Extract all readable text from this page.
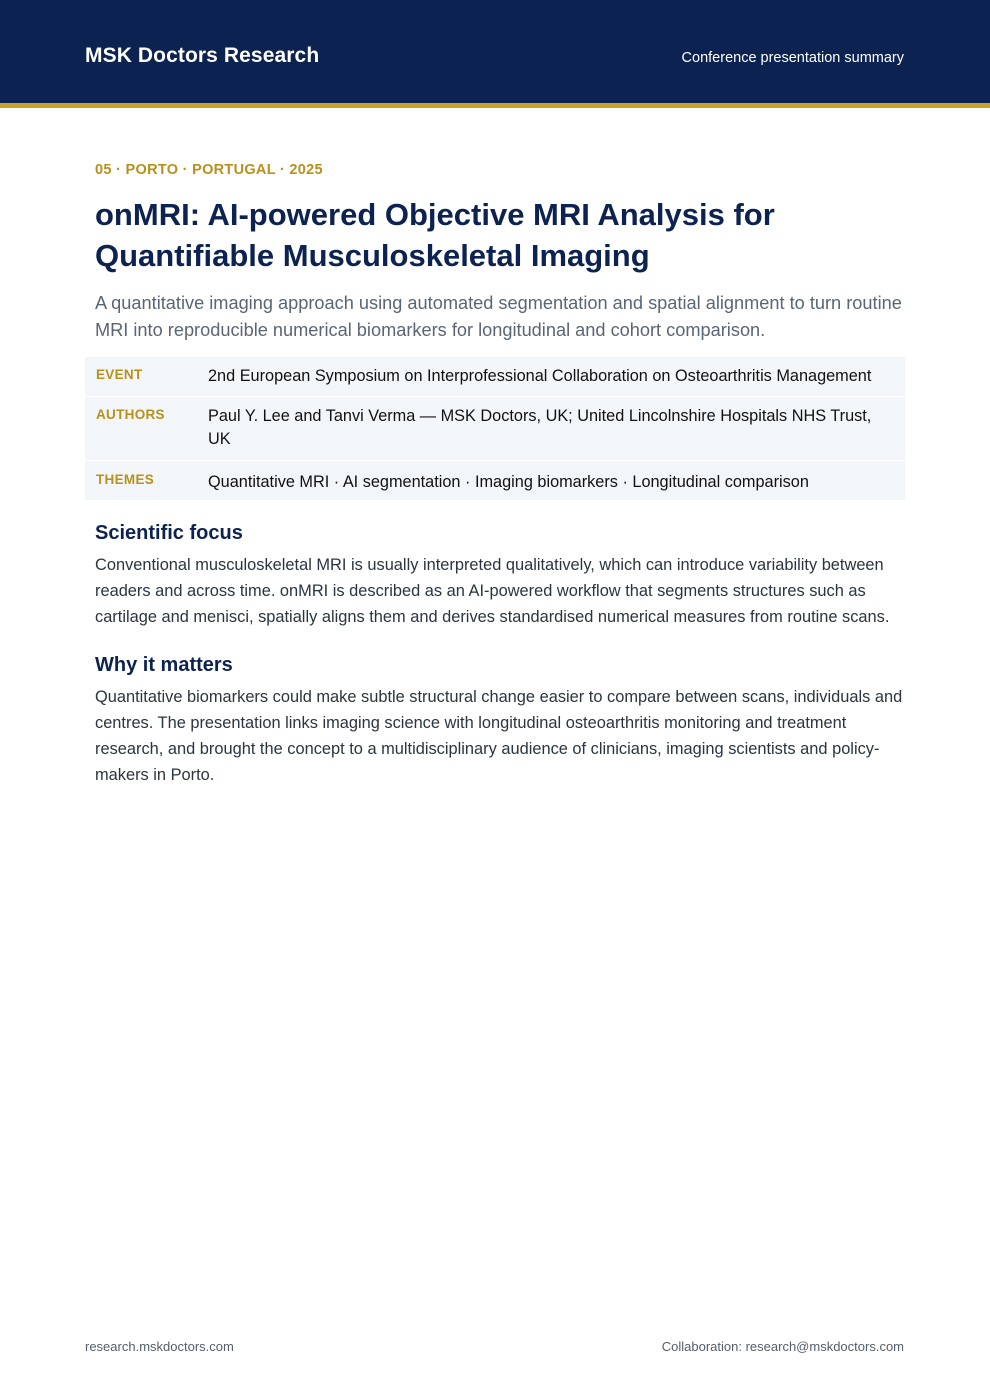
MSK Doctors Research	Conference presentation summary

05 · PORTO · PORTUGAL · 2025

onMRI: AI-powered Objective MRI Analysis for Quantifiable Musculoskeletal Imaging

A quantitative imaging approach using automated segmentation and spatial alignment to turn routine MRI into reproducible numerical biomarkers for longitudinal and cohort comparison.

EVENT	2nd European Symposium on Interprofessional Collaboration on Osteoarthritis Management
AUTHORS	Paul Y. Lee and Tanvi Verma — MSK Doctors, UK; United Lincolnshire Hospitals NHS Trust, UK
THEMES	Quantitative MRI · AI segmentation · Imaging biomarkers · Longitudinal comparison
Scientific focus

Conventional musculoskeletal MRI is usually interpreted qualitatively, which can introduce variability between readers and across time. onMRI is described as an AI-powered workflow that segments structures such as cartilage and menisci, spatially aligns them and derives standardised numerical measures from routine scans.

Why it matters

Quantitative biomarkers could make subtle structural change easier to compare between scans, individuals and centres. The presentation links imaging science with longitudinal osteoarthritis monitoring and treatment research, and brought the concept to a multidisciplinary audience of clinicians, imaging scientists and policy-makers in Porto.

research.mskdoctors.com	Collaboration: research@mskdoctors.com
